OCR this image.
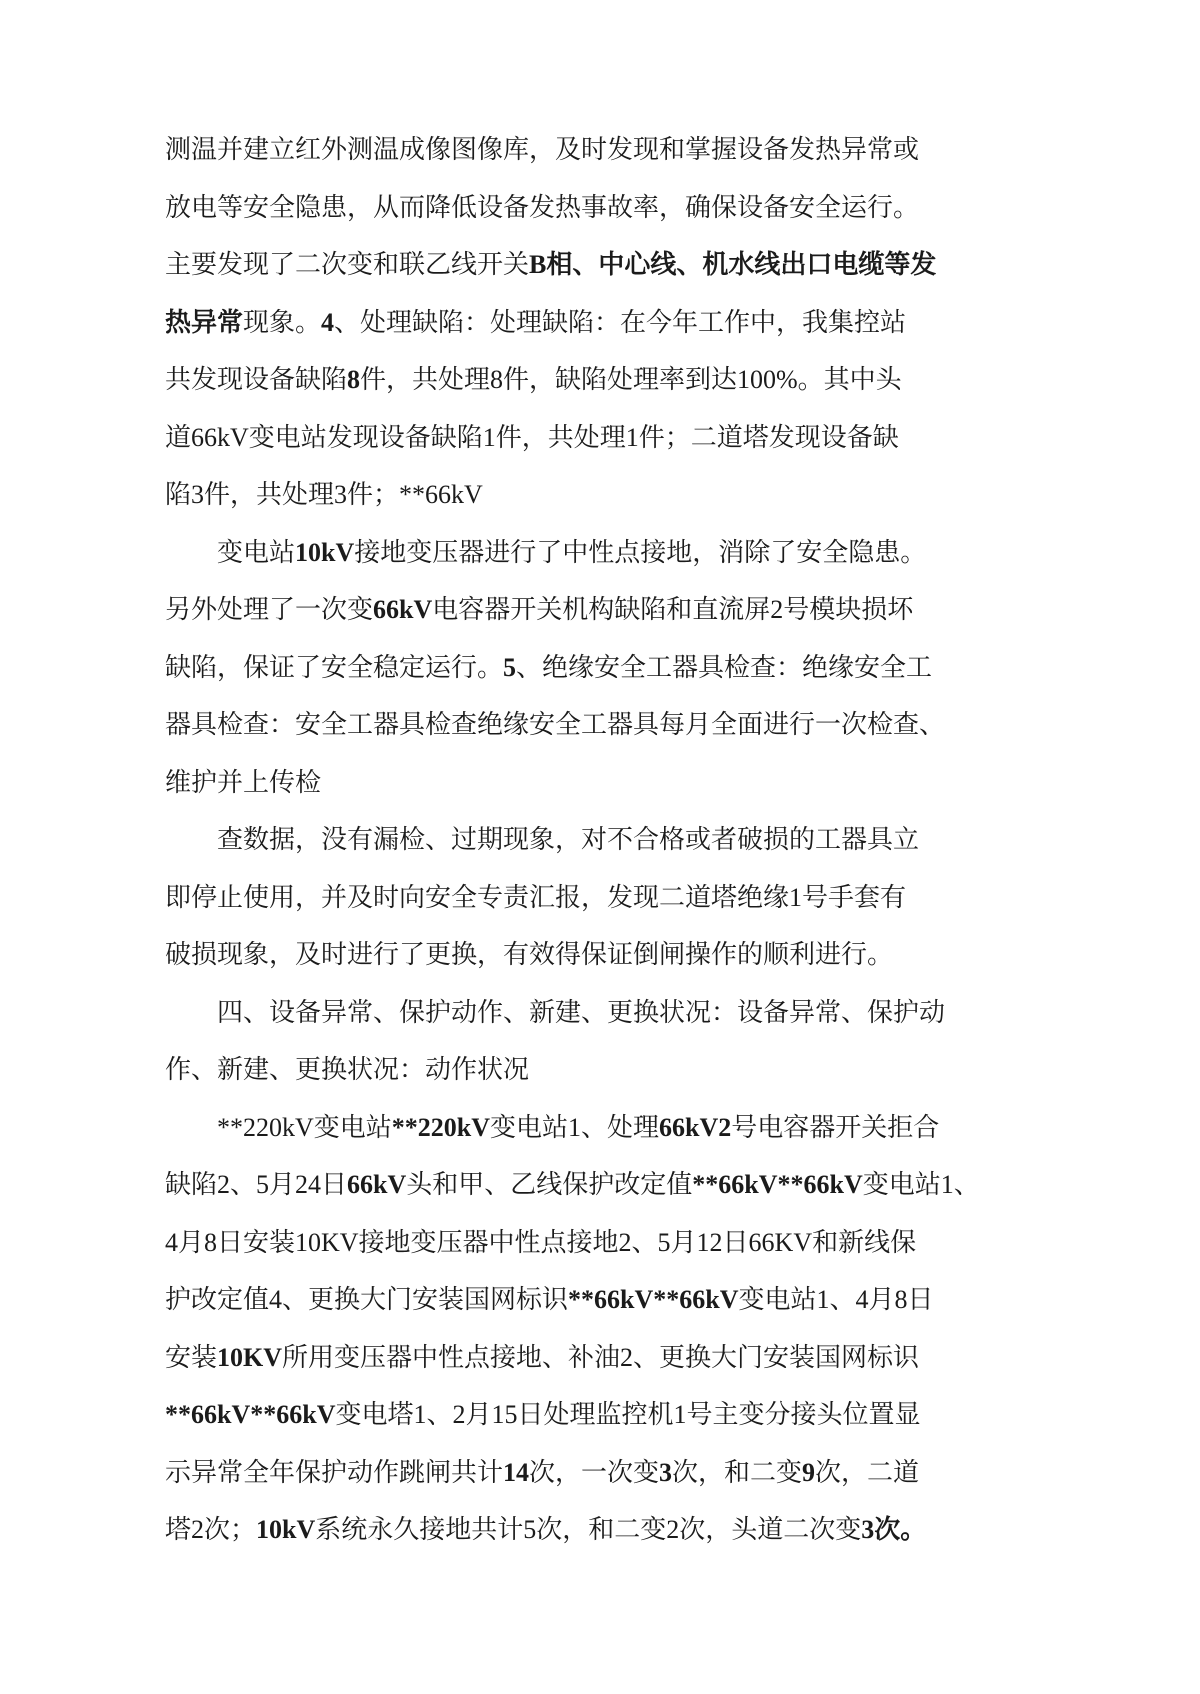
测温并建立红外测温成像图像库，及时发现和掌握设备发热异常或
放电等安全隐患，从而降低设备发热事故率，确保设备安全运行。
主要发现了二次变和联乙线开关B相、中心线、机水线出口电缆等发
热异常现象。4、处理缺陷：处理缺陷：在今年工作中，我集控站
共发现设备缺陷8件，共处理8件，缺陷处理率到达100%。其中头
道66kV变电站发现设备缺陷1件，共处理1件；二道塔发现设备缺
陷3件，共处理3件；**66kV
变电站10kV接地变压器进行了中性点接地，消除了安全隐患。
另外处理了一次变66kV电容器开关机构缺陷和直流屏2号模块损坏
缺陷，保证了安全稳定运行。5、绝缘安全工器具检查：绝缘安全工
器具检查：安全工器具检查绝缘安全工器具每月全面进行一次检查、
维护并上传检
查数据，没有漏检、过期现象，对不合格或者破损的工器具立
即停止使用，并及时向安全专责汇报，发现二道塔绝缘1号手套有
破损现象，及时进行了更换，有效得保证倒闸操作的顺利进行。
四、设备异常、保护动作、新建、更换状况：设备异常、保护动
作、新建、更换状况：动作状况
**220kV变电站**220kV变电站1、处理66kV2号电容器开关拒合
缺陷2、5月24日66kV头和甲、乙线保护改定值**66kV**66kV变电站1、
4月8日安装10KV接地变压器中性点接地2、5月12日66KV和新线保
护改定值4、更换大门安装国网标识**66kV**66kV变电站1、4月8日
安装10KV所用变压器中性点接地、补油2、更换大门安装国网标识
**66kV**66kV变电塔1、2月15日处理监控机1号主变分接头位置显
示异常全年保护动作跳闸共计14次，一次变3次，和二变9次，二道
塔2次；10kV系统永久接地共计5次，和二变2次，头道二次变3次。
